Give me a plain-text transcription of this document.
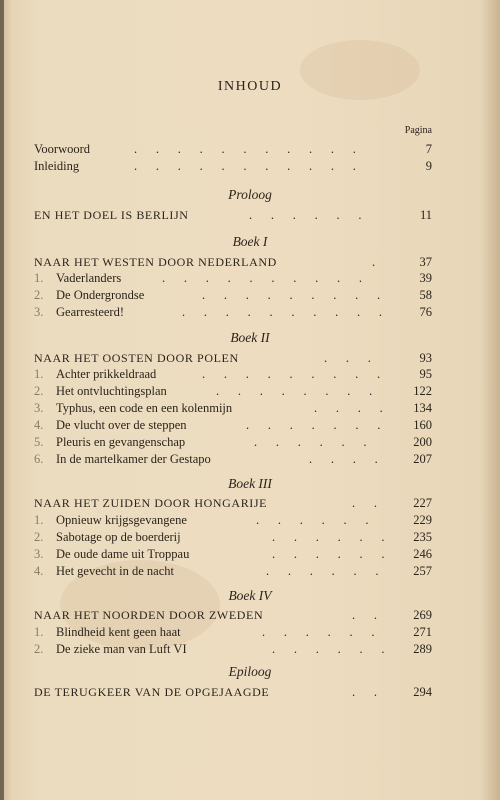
INHOUD
Pagina
Voorwoord	.      .      .      .      .      .      .      .      .      .      .	7
Inleiding	.      .      .      .      .      .      .      .      .      .      .	9
Proloog
EN HET DOEL IS BERLIJN	.      .      .      .      .      .	11
Boek I
NAAR HET WESTEN DOOR NEDERLAND	.	37
1. Vaderlanders	.      .      .      .      .      .      .      .      .      .	39
2. De Ondergrondse	.      .      .      .      .      .      .      .      .	58
3. Gearresteerd!	.      .      .      .      .      .      .      .      .      .	76
Boek II
NAAR HET OOSTEN DOOR POLEN	.      .      .	93
1. Achter prikkeldraad	.      .      .      .      .      .      .      .      .	95
2. Het ontvluchtingsplan	.      .      .      .      .      .      .      .	122
3. Typhus, een code en een kolenmijn	.      .      .      . 134
4. De vlucht over de steppen	.      .      .      .      .      .      .	160
5. Pleuris en gevangenschap	.      .      .      .      .      .	200
6. In de martelkamer der Gestapo	.      .      .      .	207
Boek III
NAAR HET ZUIDEN DOOR HONGARIJE	.      .	227
1. Opnieuw krijgsgevangene	.      .      .      .      .      .	229
2. Sabotage op de boerderij	.      .      .      .      .      . 235
3. De oude dame uit Troppau	.      .      .      .      .      . 246
4. Het gevecht in de nacht	.      .      .      .      .      .	257
Boek IV
NAAR HET NOORDEN DOOR ZWEDEN	.      .	269
1. Blindheid kent geen haat	.      .      .      .      .      .	271
2. De zieke man van Luft VI	.      .      .      .      .      . 289
Epiloog
DE TERUGKEER VAN DE OPGEJAAGDE	.      .	294
